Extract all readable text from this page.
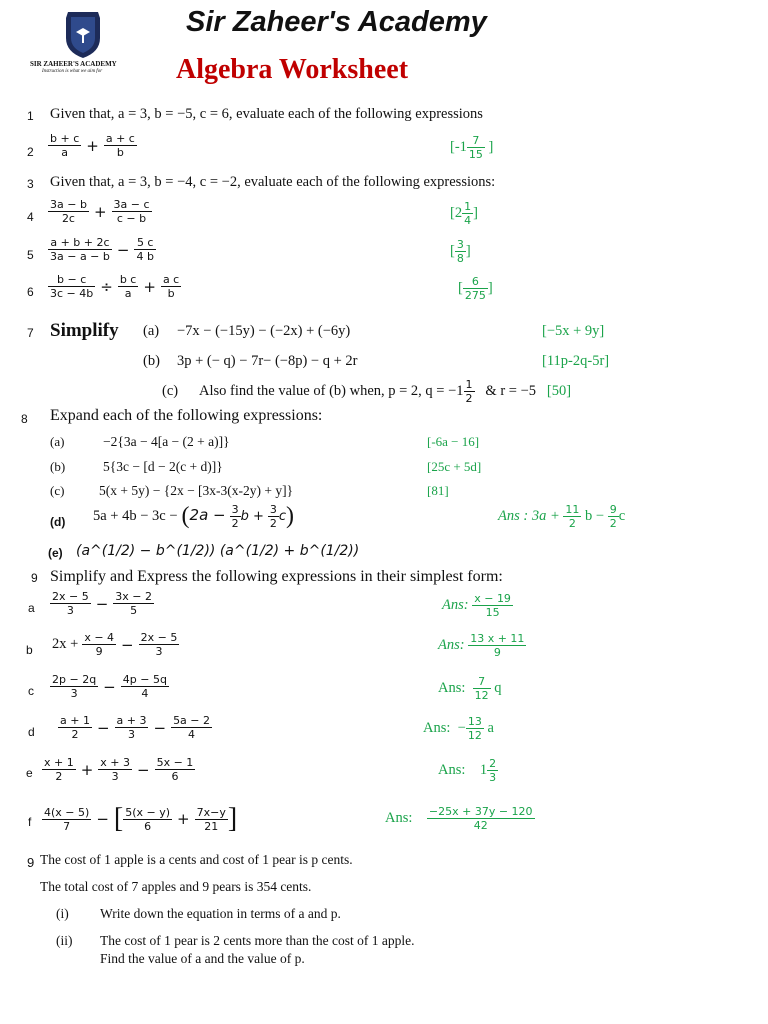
SIR ZAHEER'S ACADEMY
Instruction is what we aim for
Sir Zaheer's Academy
Algebra Worksheet
1 Given that, a = 3, b = −5, c = 6, evaluate each of the following expressions
$2 \frac{b + c}{a} + \frac{a + c}{b}$	[$-1 \frac{7}{15}$ ]
3 Given that, a = 3, b = −4, c = −2, evaluate each of the following expressions:
$4 \frac{3a - b}{2c} + \frac{3a - c}{c - b}$	[$2 \frac{1}{4}$ ]
$5 \frac{a + b + 2c}{3a - a - b} - \frac{5 c}{4 b}$	[ $\frac{3}{8}$ ]
$6 \frac{b - c}{3c - 4b} \div \frac{\text{b c}}{a} + \frac{\text{a c}}{b}$	[ $\frac{6}{275}$ ]
7 Simplify (a) −7x − (−15y) − (−2x) + (−6y)	[−5x + 9y]
(b) 3p + (− q) − 7r− (−8p) − q + 2r	[11p-2q-5r]
(c) Also find the value of (b) when, p = 2, $q = -1 \frac{1}{2}$ & r = −5 [50]
8 Expand each of the following expressions:
(a)	−2{3a − 4[a − (2 + a)]}	[-6a − 16]
(b)	5{3c − [d − 2(c + d)]}	[25c + 5d]
(c)	5(x + 5y) − {2x − [3x-3(x-2y) + y]}	[81]
(d) $5a + 4b - 3c - (2a - \frac{3}{2}$ $b + \frac{3}{2} c$)	Ans : $3a + \frac{11}{2}$ $b - \frac{9}{2}$ c
(e) (a^(1/2) − b^(1/2)) (a^(1/2) + b^(1/2))
9 Simplify and Express the following expressions in their simplest form:
a $\frac{2x - 5}{3} - \frac{3x - 2}{5}$	Ans: $\frac{x - 19}{15}$
b $2x + \frac{x - 4}{9} - \frac{2x - 5}{3}$	Ans: $\frac{13 x + 11}{9}$
c $\frac{2p - 2q}{3} - \frac{4p - 5q}{4}$	Ans: $\frac{7}{12}$ q
d $\frac{a + 1}{2} - \frac{a + 3}{3} - \frac{5a - 2}{4}$	Ans: − $\frac{13}{12}$ a
e $\frac{x + 1}{2} + \frac{x + 3}{3} - \frac{5x - 1}{6}$	Ans: $1 \frac{2}{3}$
f $\frac{4(x - 5)}{7}$ − [ $\frac{5(x - y)}{6} + \frac{7x-y}{21}$ ]	Ans: $\frac{-25x + 37y - 120}{42}$
9 The cost of 1 apple is a cents and cost of 1 pear is p cents.
The total cost of 7 apples and 9 pears is 354 cents.
(i) Write down the equation in terms of a and p.
(ii) The cost of 1 pear is 2 cents more than the cost of 1 apple.
Find the value of a and the value of p.
